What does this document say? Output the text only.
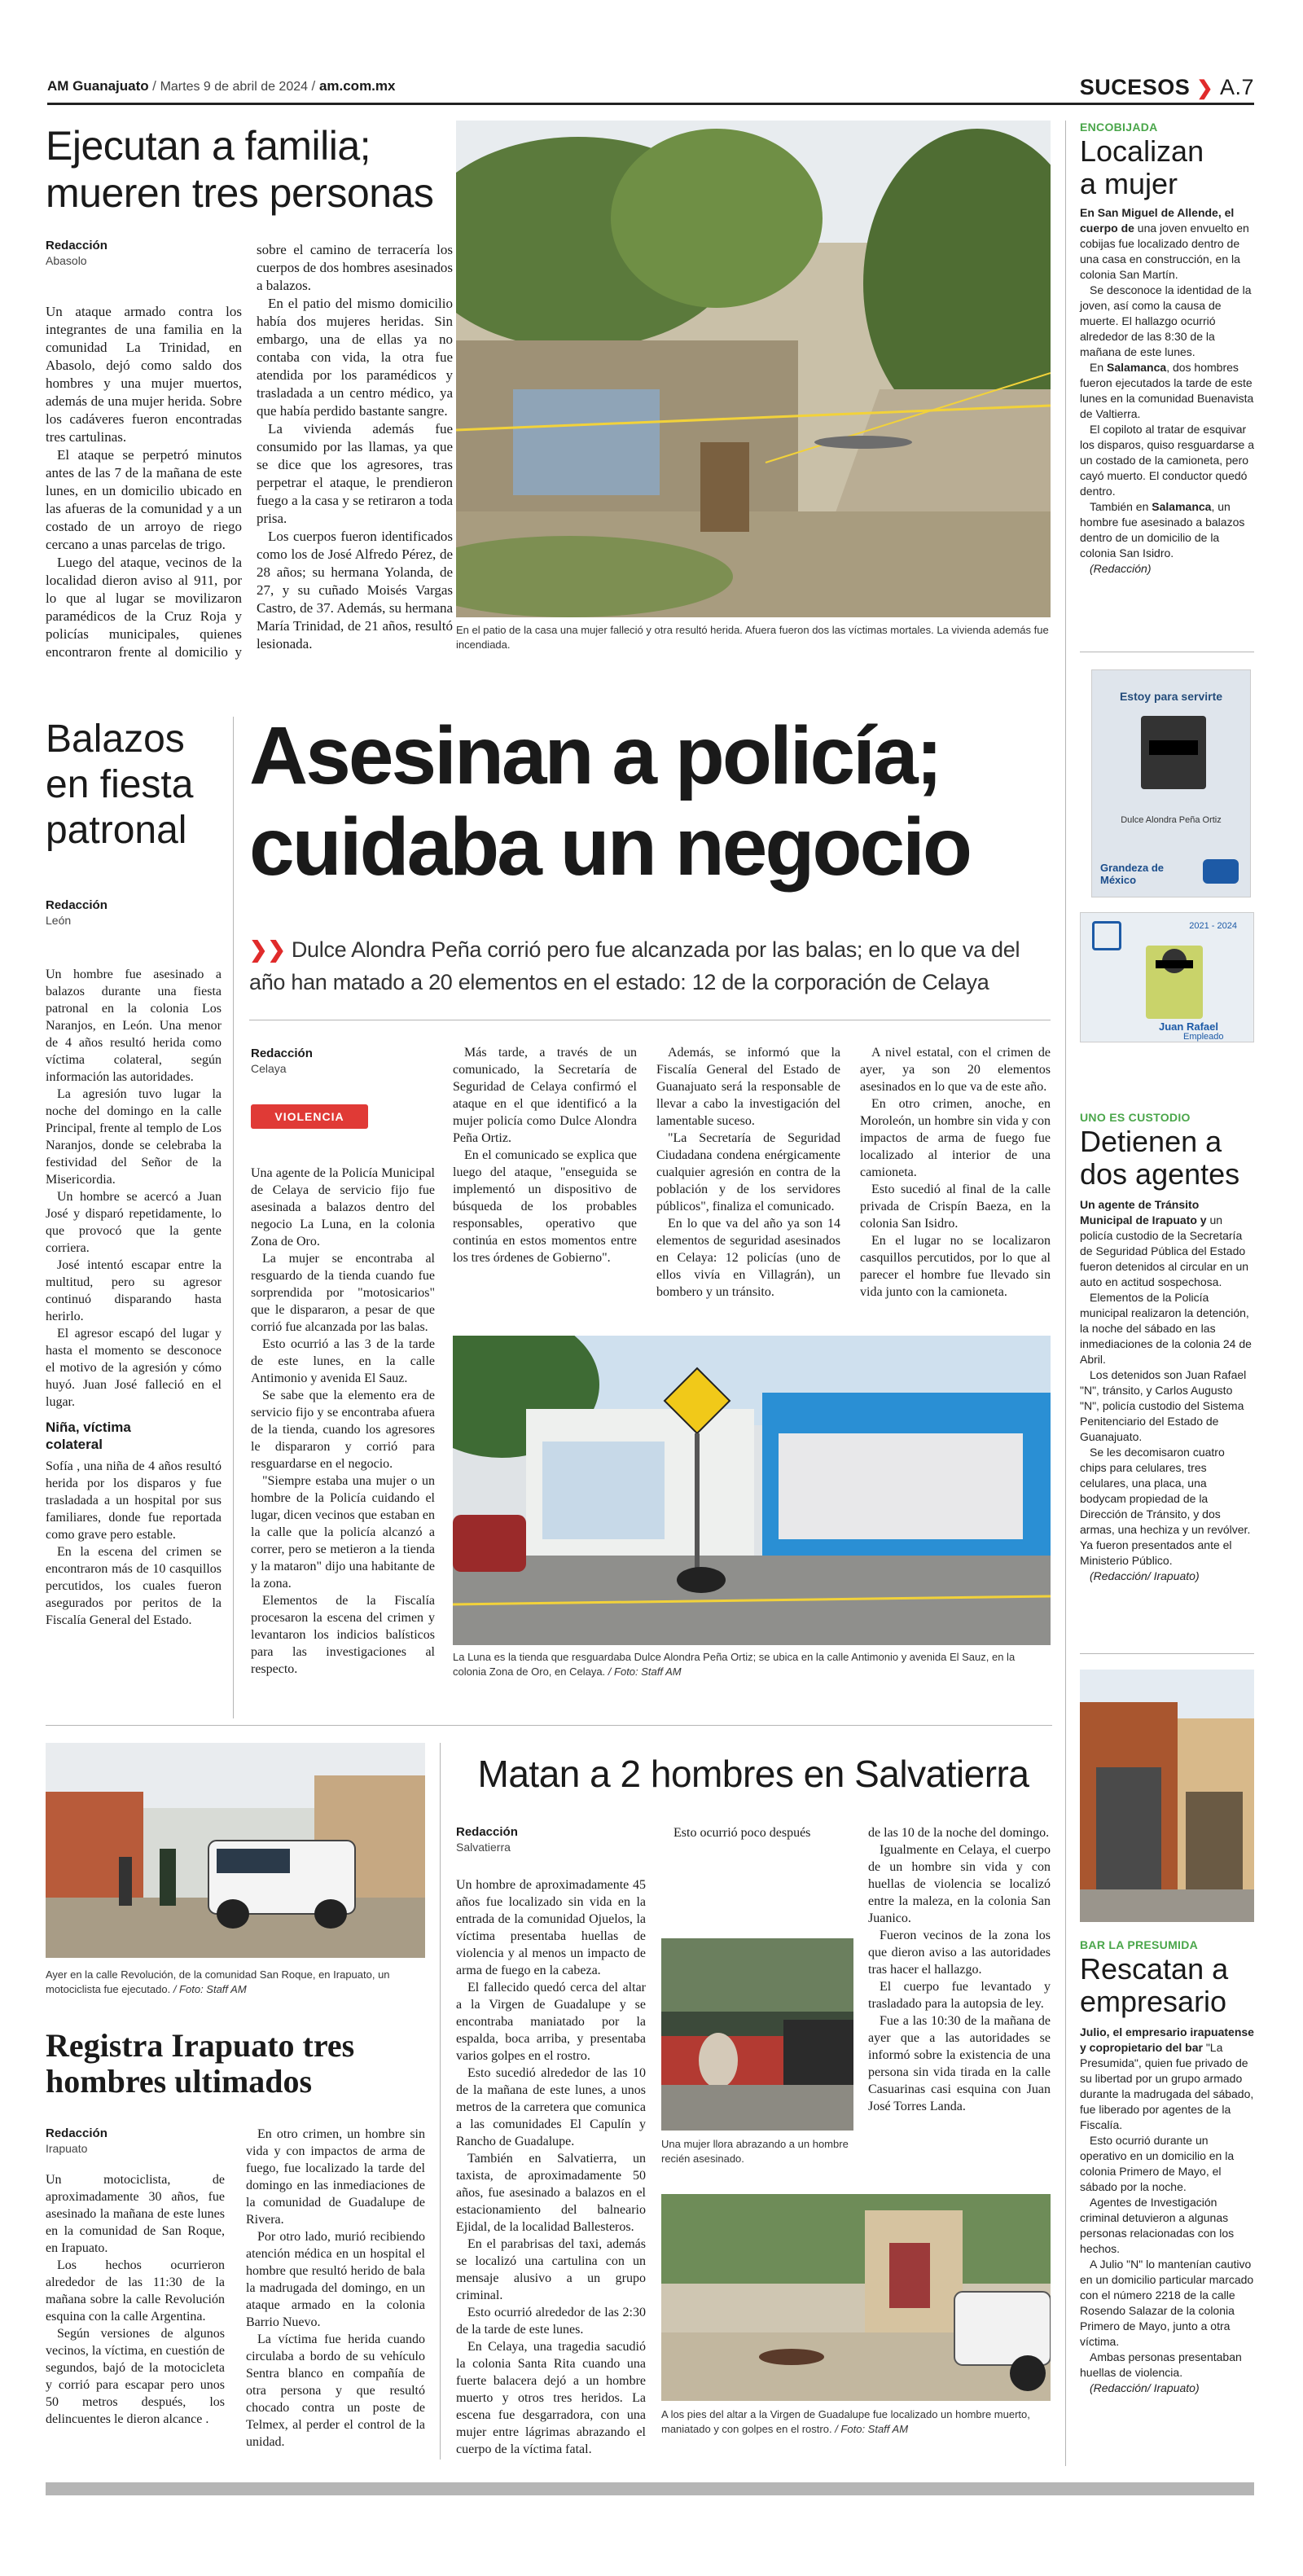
AM Guanajuato / Martes 9 de abril de 2024 / am.com.mx	SUCESOS ❯ A.7
Ejecutan a familia;
mueren tres personas
Redacción
Abasolo

Un ataque armado contra los integrantes de una familia en la comunidad La Trinidad, en Abasolo, dejó como saldo dos hombres y una mujer muertos, además de una mujer herida. Sobre los cadáveres fueron encontradas tres cartulinas.

El ataque se perpetró minutos antes de las 7 de la mañana de este lunes, en un domicilio ubicado en las afueras de la comunidad y a un costado de un arroyo de riego cercano a unas parcelas de trigo.

Luego del ataque, vecinos de la localidad dieron aviso al 911, por lo que al lugar se movilizaron paramédicos de la Cruz Roja y policías municipales, quienes encontraron frente al domicilio y sobre el camino de terracería los cuerpos de dos hombres asesinados a balazos.

En el patio del mismo domicilio había dos mujeres heridas. Sin embargo, una de ellas ya no contaba con vida, la otra fue atendida por los paramédicos y trasladada a un centro médico, ya que había perdido bastante sangre.

La vivienda además fue consumido por las llamas, ya que se dice que los agresores, tras perpetrar el ataque, le prendieron fuego a la casa y se retiraron a toda prisa.

Los cuerpos fueron identificados como los de José Alfredo Pérez, de 28 años; su hermana Yolanda, de 27, y su cuñado Moisés Vargas Castro, de 37. Además, su hermana María Trinidad, de 21 años, resultó lesionada.

En el patio de la casa una mujer falleció y otra resultó herida. Afuera fueron dos las víctimas mortales. La vivienda además fue incendiada.
ENCOBIJADA
Localizan
a mujer

En San Miguel de Allende, el cuerpo de una joven envuelto en cobijas fue localizado dentro de una casa en construcción, en la colonia San Martín.

Se desconoce la identidad de la joven, así como la causa de muerte. El hallazgo ocurrió alrededor de las 8:30 de la mañana de este lunes.

En Salamanca, dos hombres fueron ejecutados la tarde de este lunes en la comunidad Buenavista de Valtierra.

El copiloto al tratar de esquivar los disparos, quiso resguardarse a un costado de la camioneta, pero cayó muerto. El conductor quedó dentro.

También en Salamanca, un hombre fue asesinado a balazos dentro de un domicilio de la colonia San Isidro.

(Redacción)

Estoy para servirte
Dulce Alondra Peña Ortiz
Grandeza de México
2021 - 2024
Juan Rafael
Empleado
UNO ES CUSTODIO
Detienen a
dos agentes

Un agente de Tránsito Municipal de Irapuato y un policía custodio de la Secretaría de Seguridad Pública del Estado fueron detenidos al circular en un auto en actitud sospechosa.

Elementos de la Policía municipal realizaron la detención, la noche del sábado en las inmediaciones de la colonia 24 de Abril.

Los detenidos son Juan Rafael "N", tránsito, y Carlos Augusto "N", policía custodio del Sistema Penitenciario del Estado de Guanajuato.

Se les decomisaron cuatro chips para celulares, tres celulares, una placa, una bodycam propiedad de la Dirección de Tránsito, y dos armas, una hechiza y un revólver. Ya fueron presentados ante el Ministerio Público.

(Redacción/ Irapuato)

Balazos
en fiesta
patronal
Redacción
León

Un hombre fue asesinado a balazos durante una fiesta patronal en la colonia Los Naranjos, en León. Una menor de 4 años resultó herida como víctima colateral, según información las autoridades.

La agresión tuvo lugar la noche del domingo en la calle Principal, frente al templo de Los Naranjos, donde se celebraba la festividad del Señor de la Misericordia.

Un hombre se acercó a Juan José y disparó repetidamente, lo que provocó que la gente corriera.

José intentó escapar entre la multitud, pero su agresor continuó disparando hasta herirlo.

El agresor escapó del lugar y hasta el momento se desconoce el motivo de la agresión y cómo huyó. Juan José falleció en el lugar.

Niña, víctima colateral

Sofía , una niña de 4 años resultó herida por los disparos y fue trasladada a un hospital por sus familiares, donde fue reportada como grave pero estable.

En la escena del crimen se encontraron más de 10 casquillos percutidos, los cuales fueron asegurados por peritos de la Fiscalía General del Estado.

Asesinan a policía;
cuidaba un negocio
❯❯ Dulce Alondra Peña corrió pero fue alcanzada por las balas; en lo que va del año han matado a 20 elementos en el estado: 12 de la corporación de Celaya
Redacción
Celaya
VIOLENCIA

Una agente de la Policía Municipal de Celaya de servicio fijo fue asesinada a balazos dentro del negocio La Luna, en la colonia Zona de Oro.

La mujer se encontraba al resguardo de la tienda cuando fue sorprendida por "motosicarios" que le dispararon, a pesar de que corrió fue alcanzada por las balas.

Esto ocurrió a las 3 de la tarde de este lunes, en la calle Antimonio y avenida El Sauz.

Se sabe que la elemento era de servicio fijo y se encontraba afuera de la tienda, cuando los agresores le dispararon y corrió para resguardarse en el negocio.

"Siempre estaba una mujer o un hombre de la Policía cuidando el lugar, dicen vecinos que estaban en la calle que la policía alcanzó a correr, pero se metieron a la tienda y la mataron" dijo una habitante de la zona.

Elementos de la Fiscalía procesaron la escena del crimen y levantaron los indicios balísticos para las investigaciones al respecto.

Más tarde, a través de un comunicado, la Secretaría de Seguridad de Celaya confirmó el ataque en el que identificó a la mujer policía como Dulce Alondra Peña Ortiz.

En el comunicado se explica que luego del ataque, "enseguida se implementó un dispositivo de búsqueda de los probables responsables, operativo que continúa en estos momentos entre los tres órdenes de Gobierno".

Además, se informó que la Fiscalía General del Estado de Guanajuato será la responsable de llevar a cabo la investigación del lamentable suceso.

"La Secretaría de Seguridad Ciudadana condena enérgicamente cualquier agresión en contra de la población y de los servidores públicos", finaliza el comunicado.

En lo que va del año ya son 14 elementos de seguridad asesinados en Celaya: 12 policías (uno de ellos vivía en Villagrán), un bombero y un tránsito.

A nivel estatal, con el crimen de ayer, ya son 20 elementos asesinados en lo que va de este año.

En otro crimen, anoche, en Moroleón, un hombre sin vida y con impactos de arma de fuego fue localizado al interior de una camioneta.

Esto sucedió al final de la calle privada de Crispín Baeza, en la colonia San Isidro.

En el lugar no se localizaron casquillos percutidos, por lo que al parecer el hombre fue llevado sin vida junto con la camioneta.

La Luna es la tienda que resguardaba Dulce Alondra Peña Ortiz; se ubica en la calle Antimonio y avenida El Sauz, en la colonia Zona de Oro, en Celaya. / Foto: Staff AM
Ayer en la calle Revolución, de la comunidad San Roque, en Irapuato, un motociclista fue ejecutado. / Foto: Staff AM
Registra Irapuato tres
hombres ultimados
Redacción
Irapuato

Un motociclista, de aproximadamente 30 años, fue asesinado la mañana de este lunes en la comunidad de San Roque, en Irapuato.

Los hechos ocurrieron alrededor de las 11:30 de la mañana sobre la calle Revolución esquina con la calle Argentina.

Según versiones de algunos vecinos, la víctima, en cuestión de segundos, bajó de la motocicleta y corrió para escapar pero unos 50 metros después, los delincuentes le dieron alcance .

En otro crimen, un hombre sin vida y con impactos de arma de fuego, fue localizado la tarde del domingo en las inmediaciones de la comunidad de Guadalupe de Rivera.

Por otro lado, murió recibiendo atención médica en un hospital el hombre que resultó herido de bala la madrugada del domingo, en un ataque armado en la colonia Barrio Nuevo.

La víctima fue herida cuando circulaba a bordo de su vehículo Sentra blanco en compañía de otra persona y que resultó chocado contra un poste de Telmex, al perder el control de la unidad.

Matan a 2 hombres en Salvatierra
Redacción
Salvatierra

Un hombre de aproximadamente 45 años fue localizado sin vida en la entrada de la comunidad Ojuelos, la víctima presentaba huellas de violencia y al menos un impacto de arma de fuego en la cabeza.

El fallecido quedó cerca del altar a la Virgen de Guadalupe y se encontraba maniatado por la espalda, boca arriba, y presentaba varios golpes en el rostro.

Esto sucedió alrededor de las 10 de la mañana de este lunes, a unos metros de la carretera que comunica a las comunidades El Capulín y Rancho de Guadalupe.

También en Salvatierra, un taxista, de aproximadamente 50 años, fue asesinado a balazos en el estacionamiento del balneario Ejidal, de la localidad Ballesteros.

En el parabrisas del taxi, además se localizó una cartulina con un mensaje alusivo a un grupo criminal.

Esto ocurrió alrededor de las 2:30 de la tarde de este lunes.

En Celaya, una tragedia sacudió la colonia Santa Rita cuando una fuerte balacera dejó a un hombre muerto y otros tres heridos. La escena fue desgarradora, con una mujer entre lágrimas abrazando el cuerpo de la víctima fatal.

Esto ocurrió poco después	de las 10 de la noche del domingo.

Igualmente en Celaya, el cuerpo de un hombre sin vida y con huellas de violencia se localizó entre la maleza, en la colonia San Juanico.

Fueron vecinos de la zona los que dieron aviso a las autoridades tras hacer el hallazgo.

El cuerpo fue levantado y trasladado para la autopsia de ley.

Fue a las 10:30 de la mañana de ayer que a las autoridades se informó sobre la existencia de una persona sin vida tirada en la calle Casuarinas casi esquina con Juan José Torres Landa.

Una mujer llora abrazando a un hombre recién asesinado.
A los pies del altar a la Virgen de Guadalupe fue localizado un hombre muerto, maniatado y con golpes en el rostro. / Foto: Staff AM
BAR LA PRESUMIDA
Rescatan a
empresario

Julio, el empresario irapuatense y copropietario del bar "La Presumida", quien fue privado de su libertad por un grupo armado durante la madrugada del sábado, fue liberado por agentes de la Fiscalía.

Esto ocurrió durante un operativo en un domicilio en la colonia Primero de Mayo, el sábado por la noche.

Agentes de Investigación criminal detuvieron a algunas personas relacionadas con los hechos.

A Julio "N" lo mantenían cautivo en un domicilio particular marcado con el número 2218 de la calle Rosendo Salazar de la colonia Primero de Mayo, junto a otra víctima.

Ambas personas presentaban huellas de violencia.

(Redacción/ Irapuato)
